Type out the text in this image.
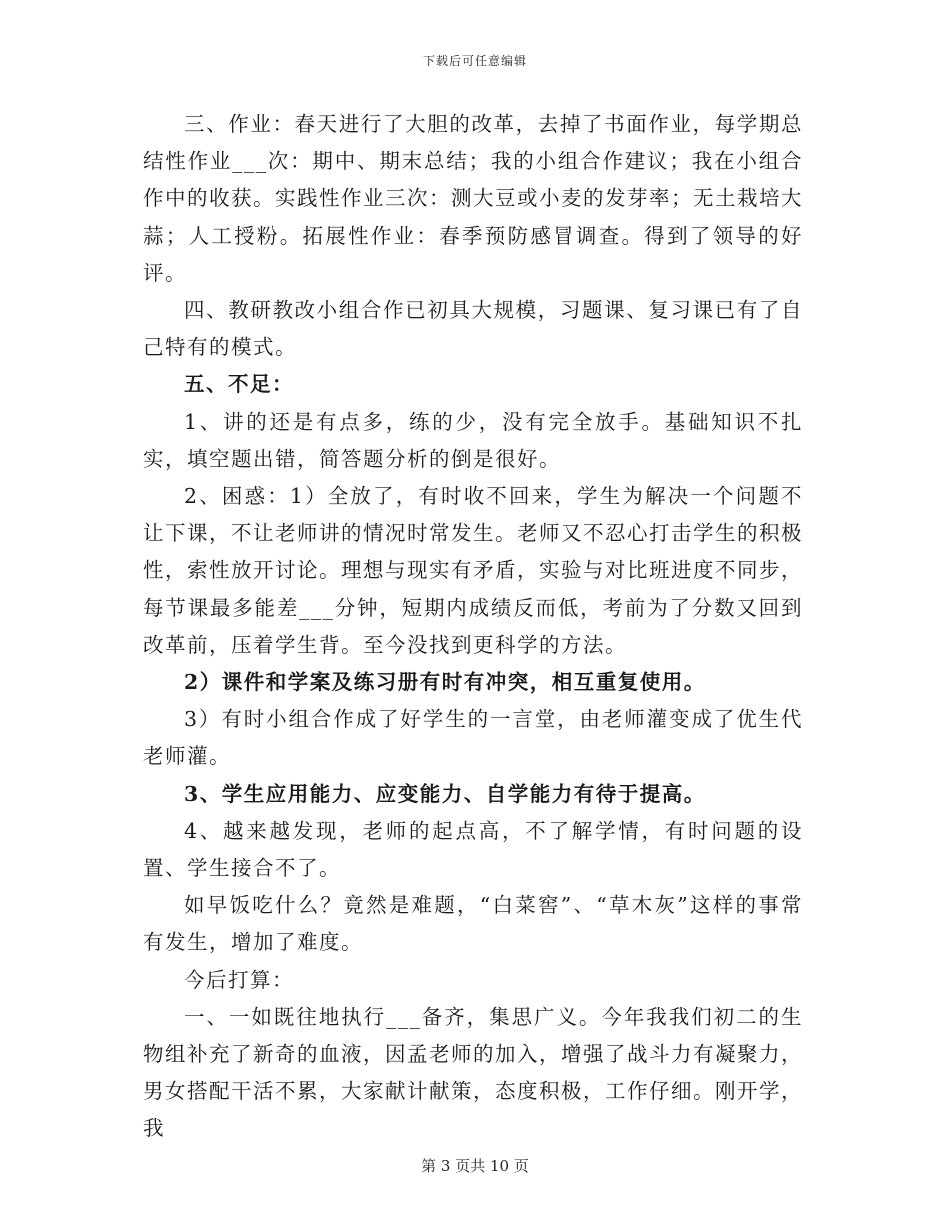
下载后可任意编辑

三、作业：春天进行了大胆的改革，去掉了书面作业，每学期总结性作业___次：期中、期末总结；我的小组合作建议；我在小组合作中的收获。实践性作业三次：测大豆或小麦的发芽率；无土栽培大蒜；人工授粉。拓展性作业：春季预防感冒调查。得到了领导的好评。

四、教研教改小组合作已初具大规模，习题课、复习课已有了自己特有的模式。

五、不足：

1、讲的还是有点多，练的少，没有完全放手。基础知识不扎实，填空题出错，简答题分析的倒是很好。

2、困惑：1）全放了，有时收不回来，学生为解决一个问题不让下课，不让老师讲的情况时常发生。老师又不忍心打击学生的积极性，索性放开讨论。理想与现实有矛盾，实验与对比班进度不同步，每节课最多能差___分钟，短期内成绩反而低，考前为了分数又回到改革前，压着学生背。至今没找到更科学的方法。

2）课件和学案及练习册有时有冲突，相互重复使用。

3）有时小组合作成了好学生的一言堂，由老师灌变成了优生代老师灌。

3、学生应用能力、应变能力、自学能力有待于提高。

4、越来越发现，老师的起点高，不了解学情，有时问题的设置、学生接合不了。

如早饭吃什么？竟然是难题，“白菜窖”、“草木灰”这样的事常有发生，增加了难度。

今后打算：

一、一如既往地执行___备齐，集思广义。今年我我们初二的生物组补充了新奇的血液，因孟老师的加入，增强了战斗力有凝聚力，男女搭配干活不累，大家献计献策，态度积极，工作仔细。刚开学，我

第 3 页共 10 页
